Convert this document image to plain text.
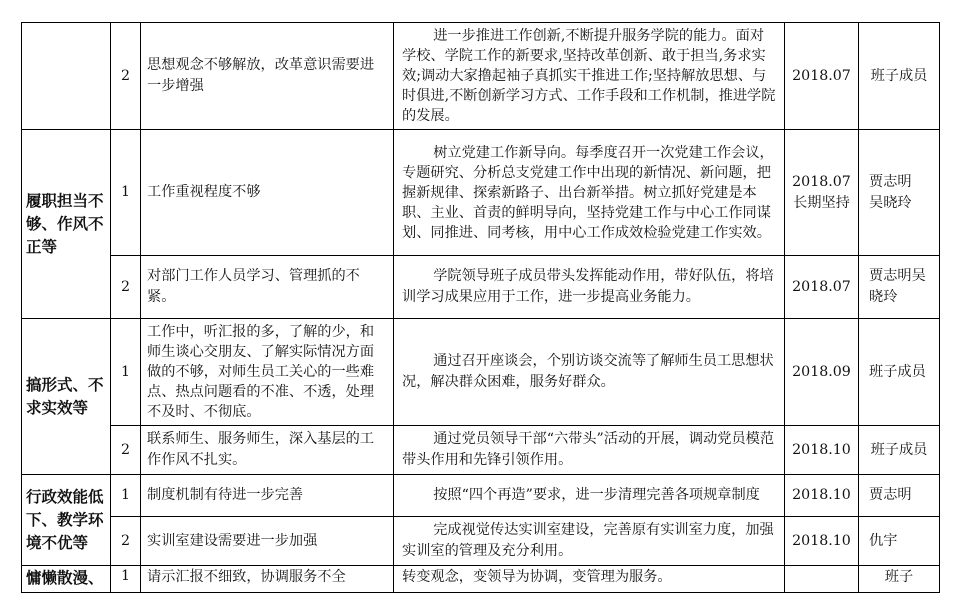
	2	思想观念不够解放，改革意识需要进一步增强	进一步推进工作创新,不断提升服务学院的能力。面对学校、学院工作的新要求,坚持改革创新、敢于担当,务求实效;调动大家撸起袖子真抓实干推进工作;坚持解放思想、与时俱进,不断创新学习方式、工作手段和工作机制，推进学院的发展。	2018.07	班子成员
履职担当不够、作风不正等	1	工作重视程度不够	树立党建工作新导向。每季度召开一次党建工作会议，专题研究、分析总支党建工作中出现的新情况、新问题，把握新规律、探索新路子、出台新举措。树立抓好党建是本职、主业、首责的鲜明导向，坚持党建工作与中心工作同谋划、同推进、同考核，用中心工作成效检验党建工作实效。	2018.07长期坚持	贾志明 吴晓玲
	2	对部门工作人员学习、管理抓的不紧。	学院领导班子成员带头发挥能动作用，带好队伍，将培训学习成果应用于工作，进一步提高业务能力。	2018.07	贾志明吴晓玲
搞形式、不求实效等	1	工作中，听汇报的多，了解的少，和师生谈心交朋友、了解实际情况方面做的不够，对师生员工关心的一些难点、热点问题看的不准、不透，处理不及时、不彻底。	通过召开座谈会，个别访谈交流等了解师生员工思想状况，解决群众困难，服务好群众。	2018.09	班子成员
	2	联系师生、服务师生，深入基层的工作作风不扎实。	通过党员领导干部“六带头”活动的开展，调动党员模范带头作用和先锋引领作用。	2018.10	班子成员
行政效能低下、教学环境不优等	1	制度机制有待进一步完善	按照“四个再造”要求，进一步清理完善各项规章制度	2018.10	贾志明
	2	实训室建设需要进一步加强	完成视觉传达实训室建设，完善原有实训室力度，加强实训室的管理及充分利用。	2018.10	仇宇
慵懒散漫、	1	请示汇报不细致，协调服务不全	转变观念，变领导为协调，变管理为服务。		班子
